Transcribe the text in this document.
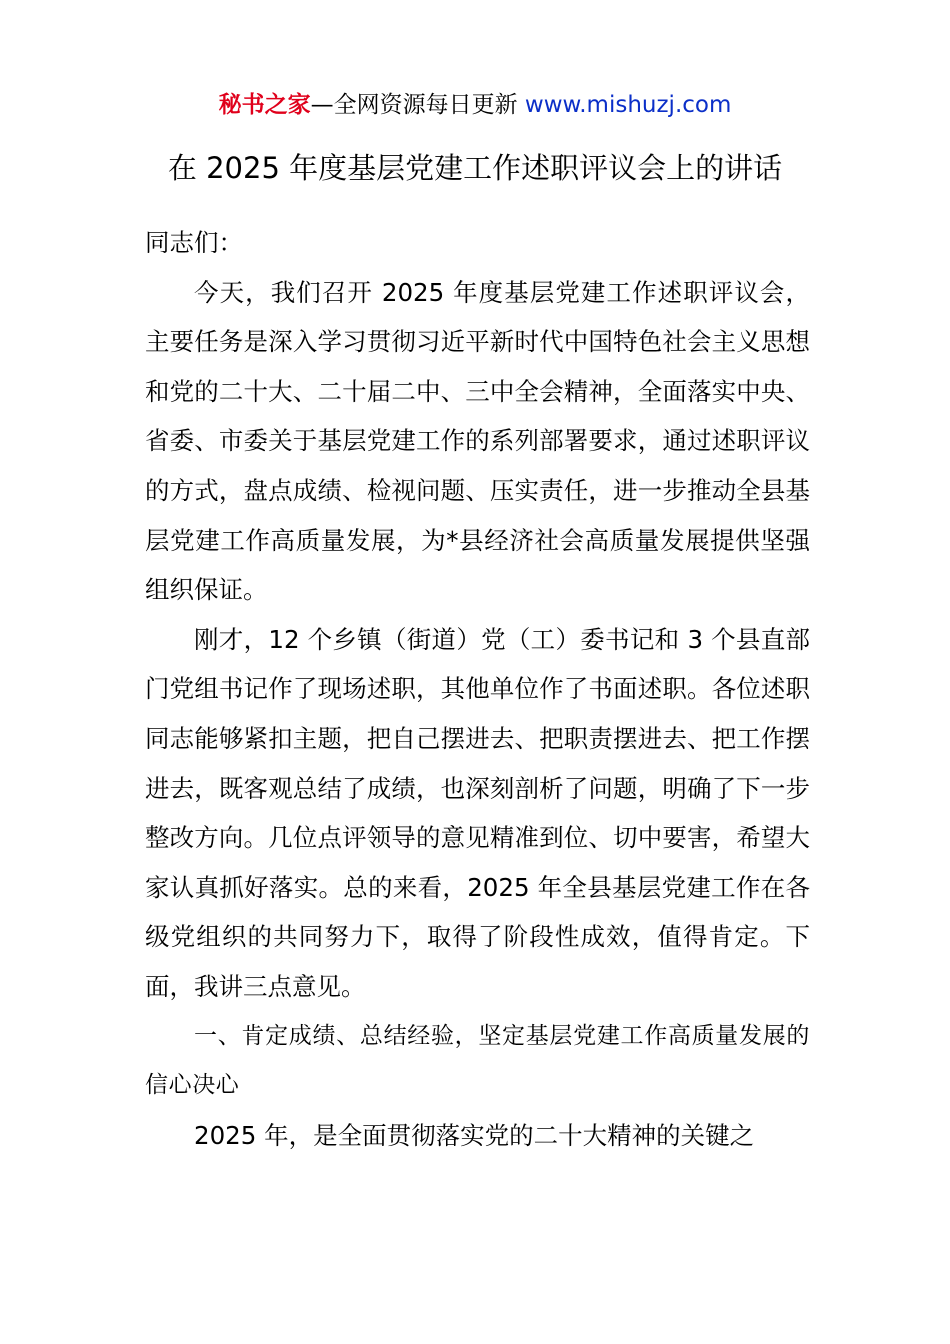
秘书之家—全网资源每日更新 www.mishuzj.com
在 2025 年度基层党建工作述职评议会上的讲话

同志们：

今天，我们召开 2025 年度基层党建工作述职评议会，主要任务是深入学习贯彻习近平新时代中国特色社会主义思想和党的二十大、二十届二中、三中全会精神，全面落实中央、省委、市委关于基层党建工作的系列部署要求，通过述职评议的方式，盘点成绩、检视问题、压实责任，进一步推动全县基层党建工作高质量发展，为*县经济社会高质量发展提供坚强组织保证。

刚才，12 个乡镇（街道）党（工）委书记和 3 个县直部门党组书记作了现场述职，其他单位作了书面述职。各位述职同志能够紧扣主题，把自己摆进去、把职责摆进去、把工作摆进去，既客观总结了成绩，也深刻剖析了问题，明确了下一步整改方向。几位点评领导的意见精准到位、切中要害，希望大家认真抓好落实。总的来看，2025 年全县基层党建工作在各级党组织的共同努力下，取得了阶段性成效，值得肯定。下面，我讲三点意见。

一、肯定成绩、总结经验，坚定基层党建工作高质量发展的信心决心

2025 年，是全面贯彻落实党的二十大精神的关键之
